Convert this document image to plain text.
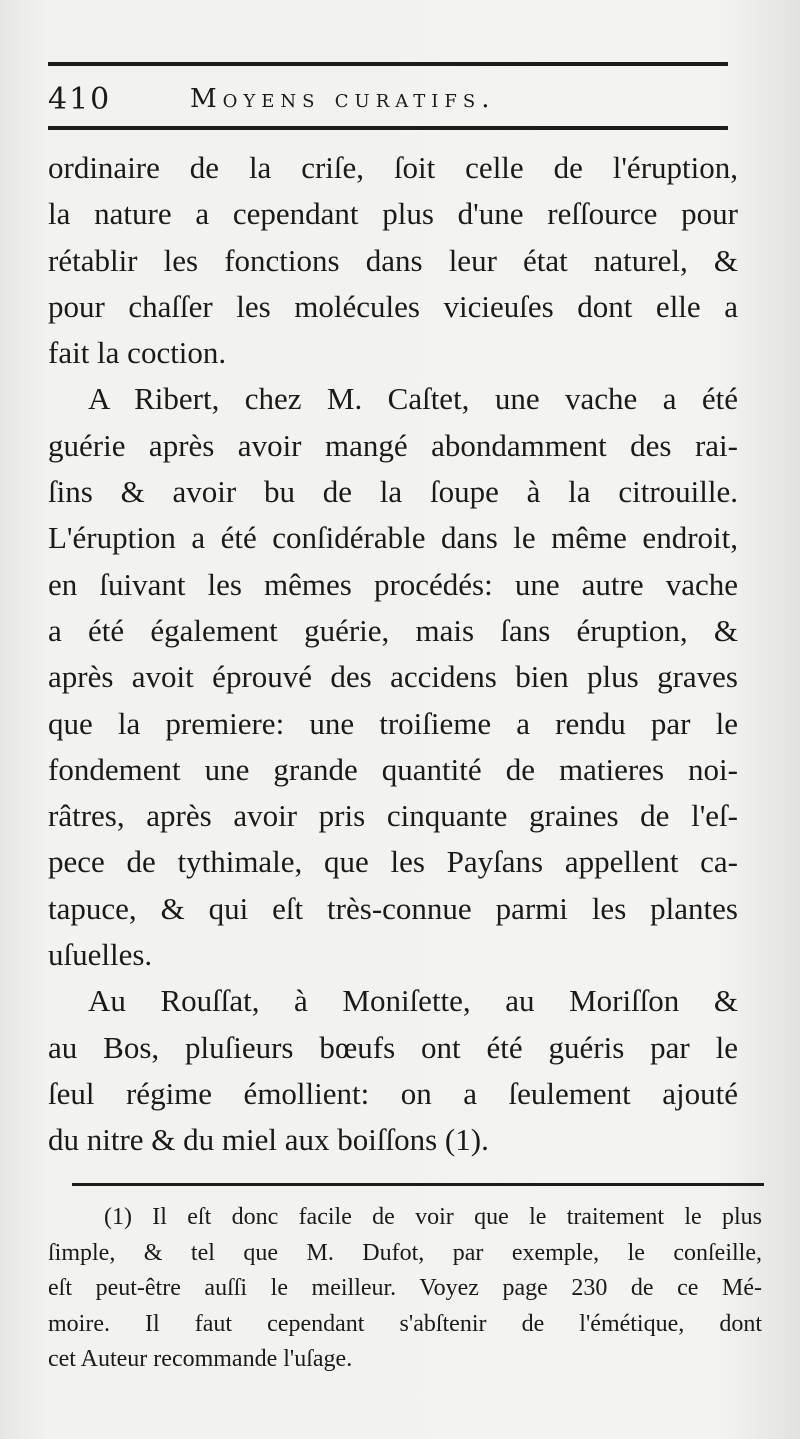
410	Moyens curatifs.
ordinaire de la criſe, ſoit celle de l'éruption,
la nature a cependant plus d'une reſſource pour
rétablir les fonctions dans leur état naturel, &
pour chaſſer les molécules vicieuſes dont elle a
fait la coction.
A Ribert, chez M. Caſtet, une vache a été
guérie après avoir mangé abondamment des rai-
ſins & avoir bu de la ſoupe à la citrouille.
L'éruption a été conſidérable dans le même endroit,
en ſuivant les mêmes procédés: une autre vache
a été également guérie, mais ſans éruption, &
après avoit éprouvé des accidens bien plus graves
que la premiere: une troiſieme a rendu par le
fondement une grande quantité de matieres noi-
râtres, après avoir pris cinquante graines de l'eſ-
pece de tythimale, que les Payſans appellent ca-
tapuce, & qui eſt très-connue parmi les plantes
uſuelles.
Au Rouſſat, à Moniſette, au Moriſſon &
au Bos, pluſieurs bœufs ont été guéris par le
ſeul régime émollient: on a ſeulement ajouté
du nitre & du miel aux boiſſons (1).
(1) Il eſt donc facile de voir que le traitement le plus
ſimple, & tel que M. Dufot, par exemple, le conſeille,
eſt peut-être auſſi le meilleur. Voyez page 230 de ce Mé-
moire. Il faut cependant s'abſtenir de l'émétique, dont
cet Auteur recommande l'uſage.
